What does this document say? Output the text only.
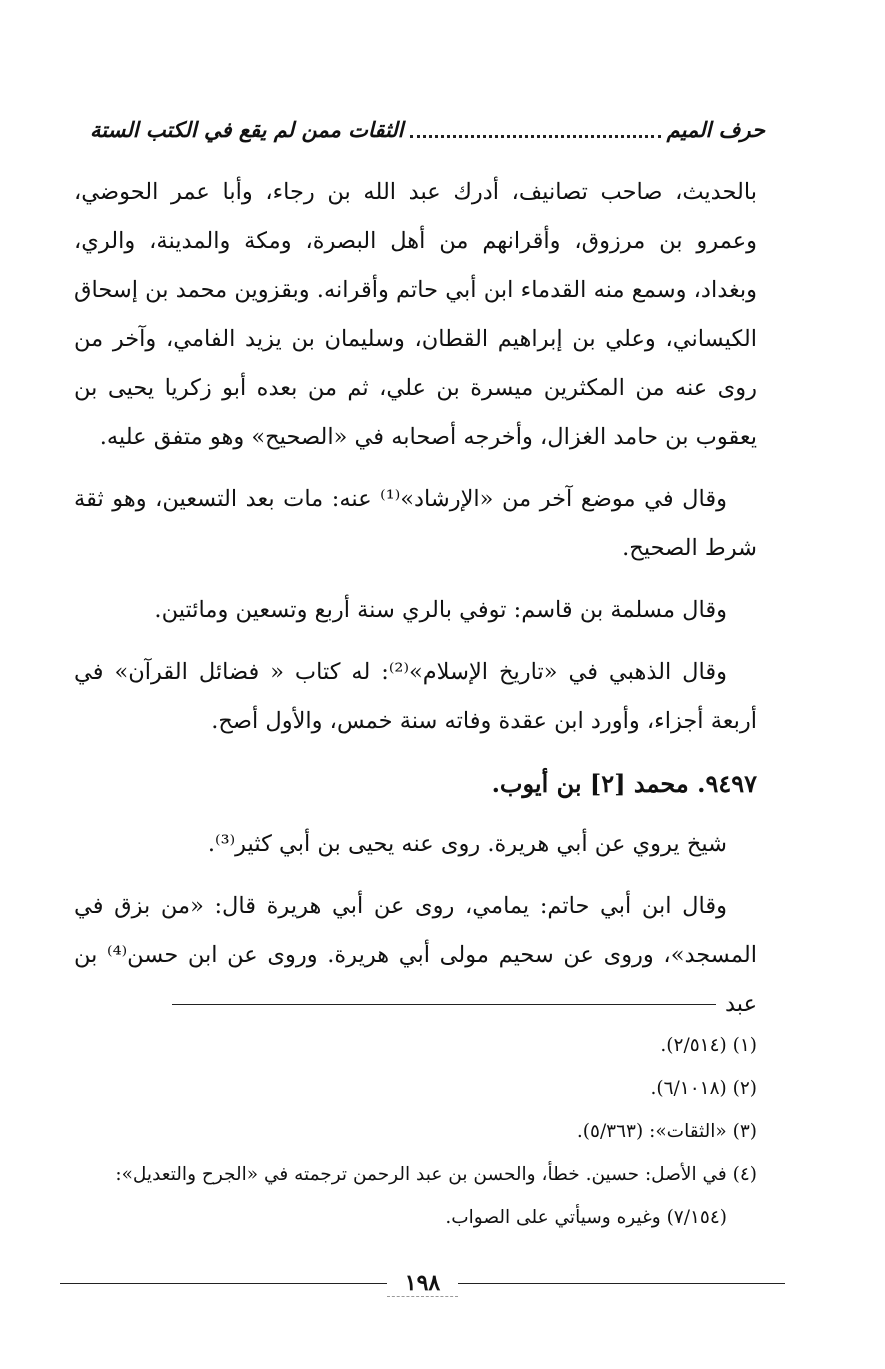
حرف الميم
الثقات ممن لم يقع في الكتب الستة

بالحديث، صاحب تصانيف، أدرك عبد الله بن رجاء، وأبا عمر الحوضي، وعمرو بن مرزوق، وأقرانهم من أهل البصرة، ومكة والمدينة، والري، وبغداد، وسمع منه القدماء ابن أبي حاتم وأقرانه. وبقزوين محمد بن إسحاق الكيساني، وعلي بن إبراهيم القطان، وسليمان بن يزيد الفامي، وآخر من روى عنه من المكثرين ميسرة بن علي، ثم من بعده أبو زكريا يحيى بن يعقوب بن حامد الغزال، وأخرجه أصحابه في «الصحيح» وهو متفق عليه.

وقال في موضع آخر من «الإرشاد»⁽¹⁾ عنه: مات بعد التسعين، وهو ثقة شرط الصحيح.

وقال مسلمة بن قاسم: توفي بالري سنة أربع وتسعين ومائتين.

وقال الذهبي في «تاريخ الإسلام»⁽²⁾: له كتاب « فضائل القرآن» في أربعة أجزاء، وأورد ابن عقدة وفاته سنة خمس، والأول أصح.

٩٤٩٧. محمد [٢] بن أيوب.

شيخ يروي عن أبي هريرة. روى عنه يحيى بن أبي كثير⁽³⁾.

وقال ابن أبي حاتم: يمامي، روى عن أبي هريرة قال: «من بزق في المسجد»، وروى عن سحيم مولى أبي هريرة. وروى عن ابن حسن⁽⁴⁾ بن عبد

(١) (٢/٥١٤).

(٢) (٦/١٠١٨).

(٣) «الثقات»: (٥/٣٦٣).

(٤) في الأصل: حسين. خطأ، والحسن بن عبد الرحمن ترجمته في «الجرح والتعديل»:

(٧/١٥٤) وغيره وسيأتي على الصواب.

١٩٨
